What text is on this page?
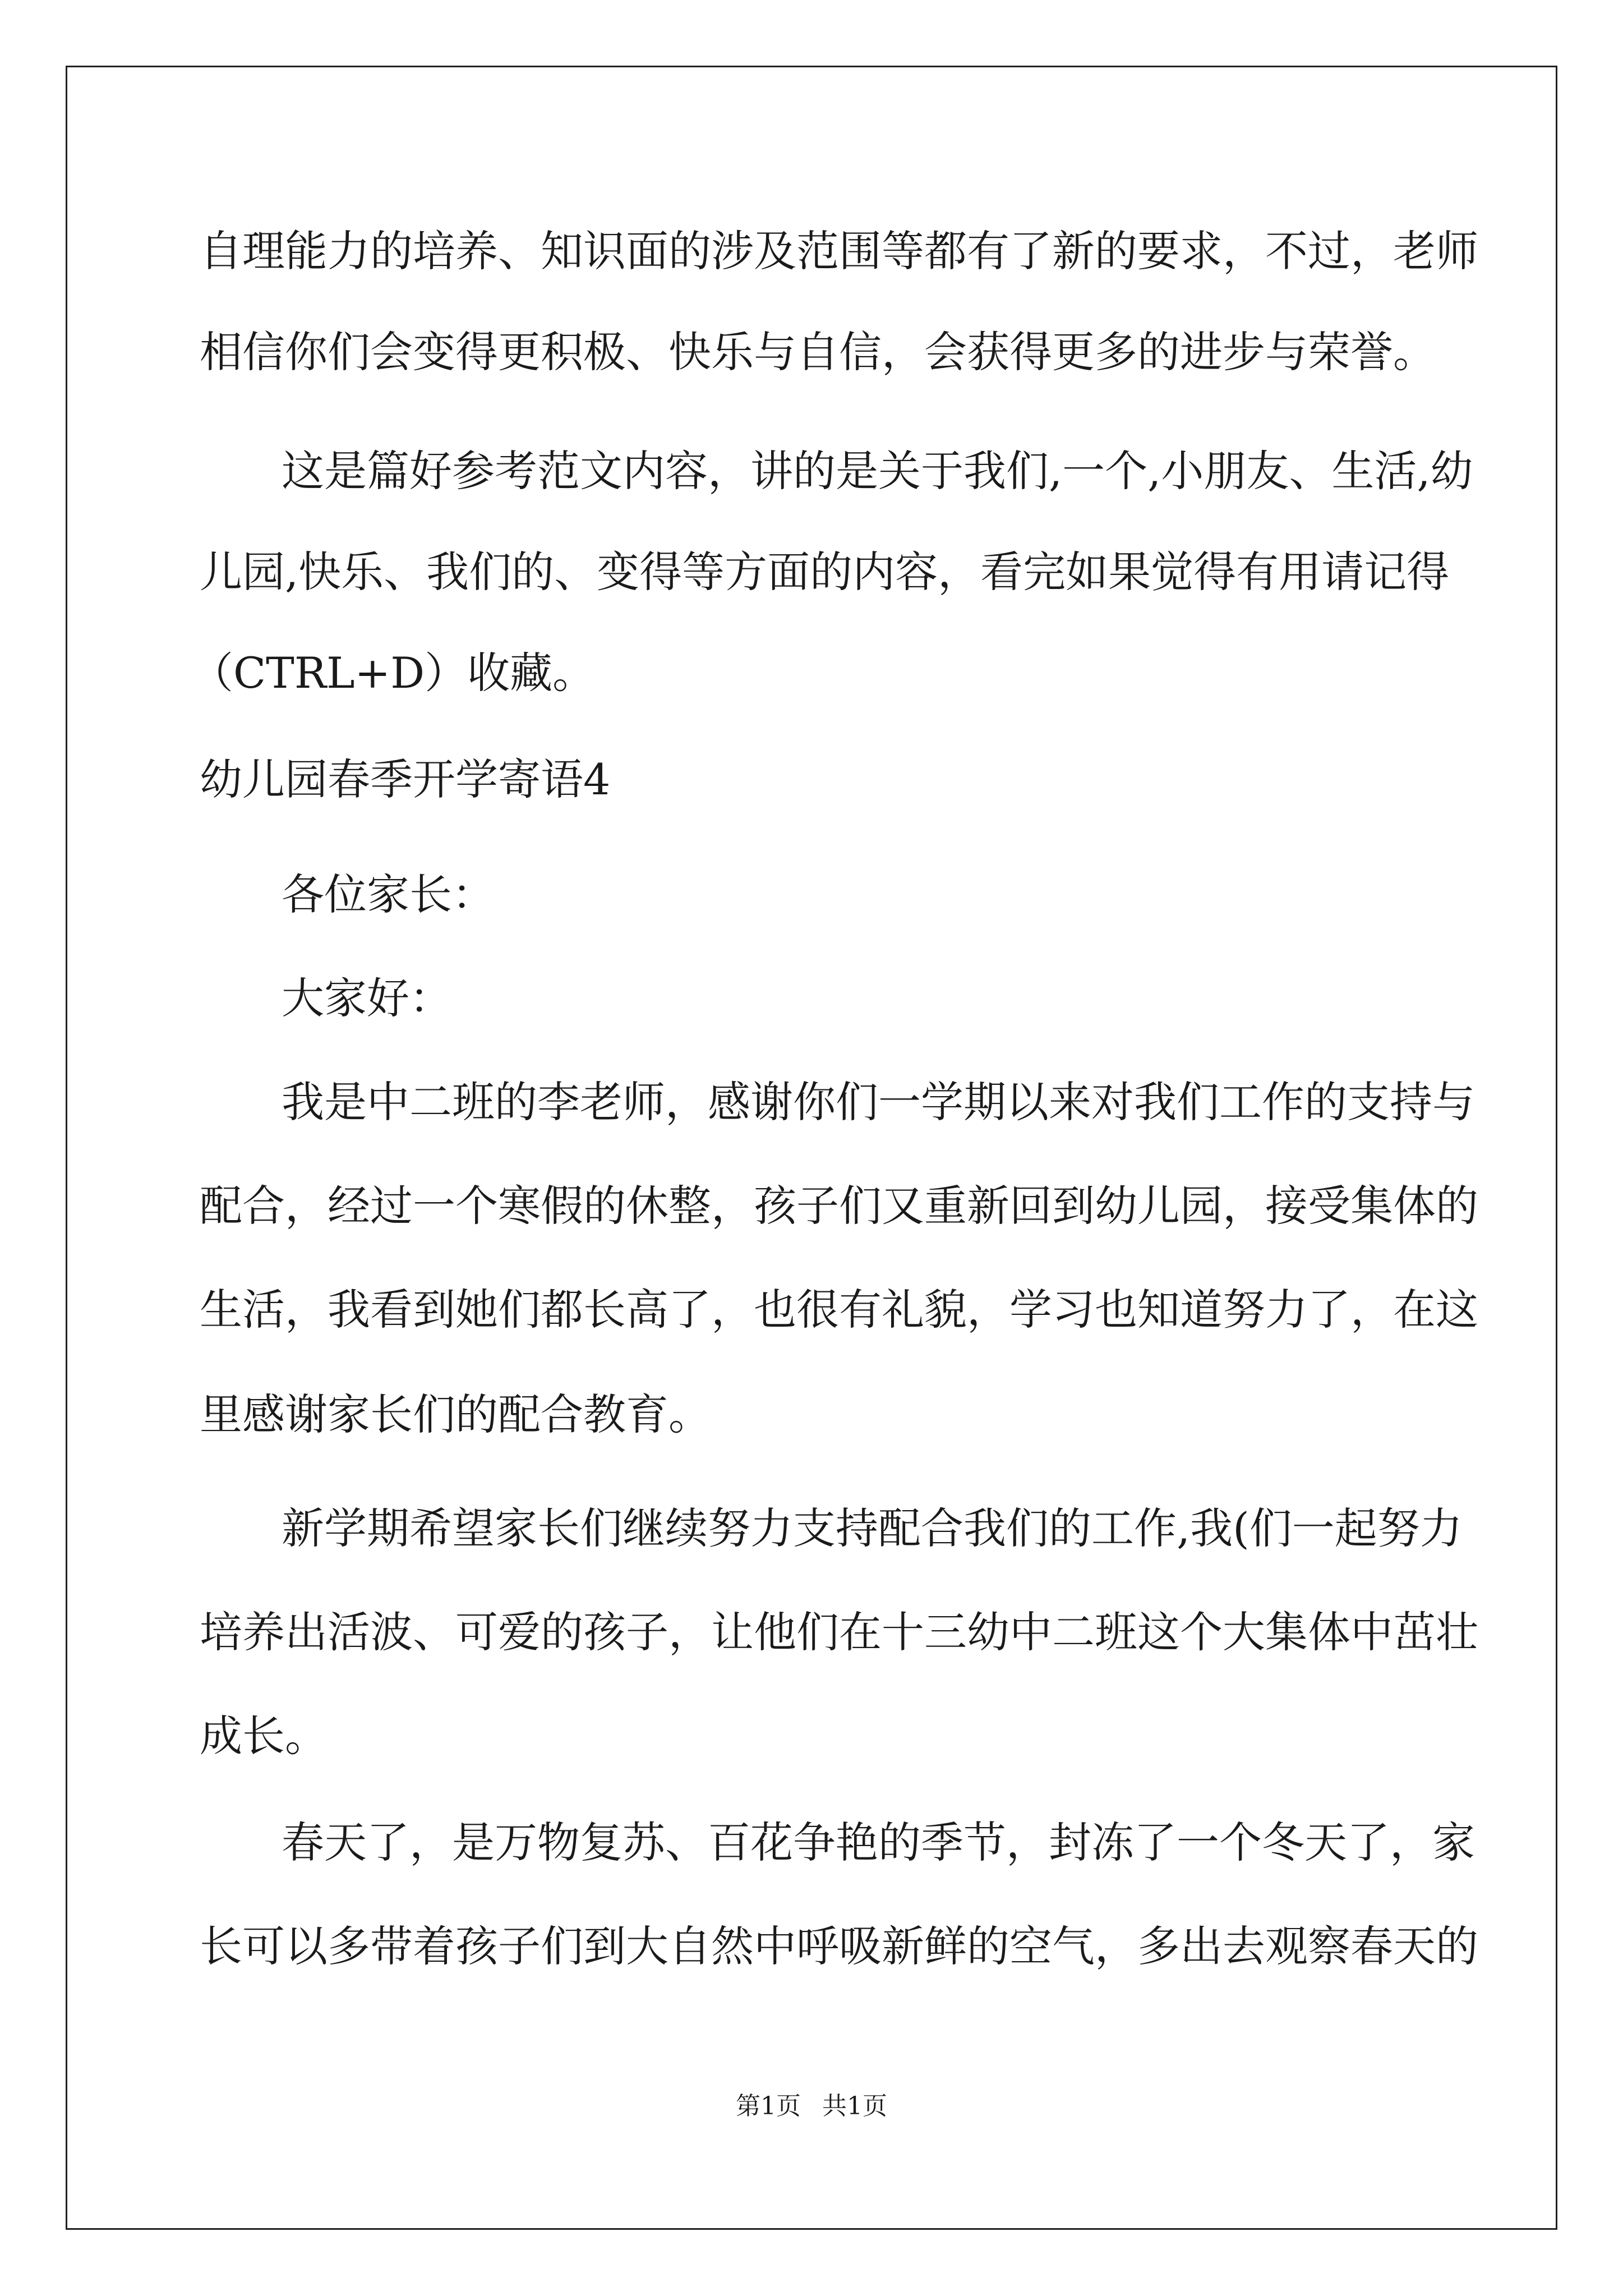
自理能力的培养、知识面的涉及范围等都有了新的要求，不过，老师

相信你们会变得更积极、快乐与自信，会获得更多的进步与荣誉。

这是篇好参考范文内容，讲的是关于我们,一个,小朋友、生活,幼

儿园,快乐、我们的、变得等方面的内容，看完如果觉得有用请记得

（CTRL+D）收藏。

幼儿园春季开学寄语4

各位家长：

大家好：

我是中二班的李老师，感谢你们一学期以来对我们工作的支持与

配合，经过一个寒假的休整，孩子们又重新回到幼儿园，接受集体的

生活，我看到她们都长高了，也很有礼貌，学习也知道努力了，在这

里感谢家长们的配合教育。

新学期希望家长们继续努力支持配合我们的工作,我(们一起努力

培养出活波、可爱的孩子，让他们在十三幼中二班这个大集体中茁壮

成长。

春天了，是万物复苏、百花争艳的季节，封冻了一个冬天了，家

长可以多带着孩子们到大自然中呼吸新鲜的空气，多出去观察春天的

第1页 共1页
